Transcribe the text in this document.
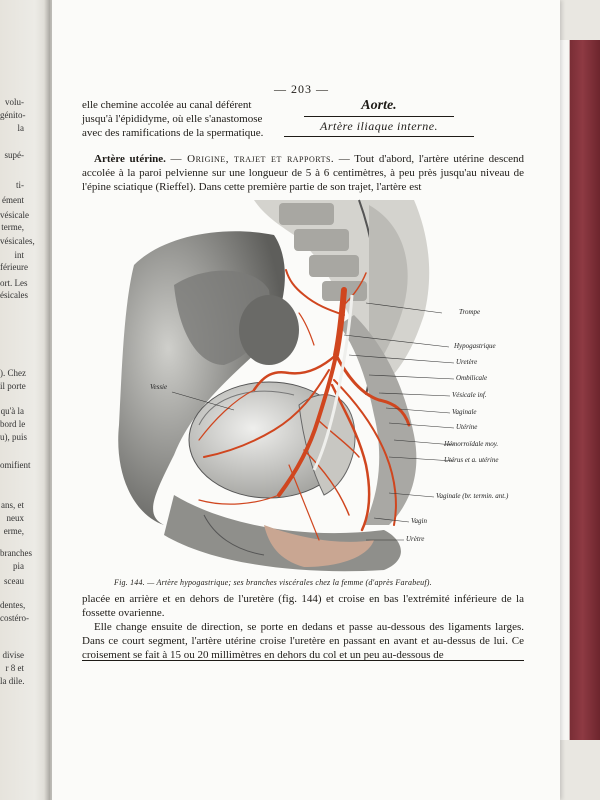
volu-
génito-
la
supé-
ti-
ément
vésicale
terme,
vésicales,
int
férieure
ort. Les
ésicales
). Chez
il porte
qu'à la
bord le
u), puis
omifient
ans, et
neux
erme,
branches
pia
sceau
dentes,
costéro-
divise
r 8 et
la dile.
— 203 —
elle chemine accolée au canal déférent jusqu'à l'épididyme, où elle s'anastomose avec des ramifications de la spermatique.
Aorte.
Artère iliaque interne.
Artère utérine. — Origine, trajet et rapports. — Tout d'abord, l'artère utérine descend accolée à la paroi pelvienne sur une longueur de 5 à 6 centimètres, à peu près jusqu'au niveau de l'épine sciatique (Rieffel). Dans cette première partie de son trajet, l'artère est
Trompe
Hypogastrique
Uretère
Ombilicale
Vésicale inf.
Vaginale
Utérine
Hémorroïdale moy.
Utérus et a. utérine
Vaginale (br. termin. ant.)
Vagin
Urètre
Vessie
Fig. 144. — Artère hypogastrique; ses branches viscérales chez la femme (d'après Farabeuf).
placée en arrière et en dehors de l'uretère (fig. 144) et croise en bas l'extrémité inférieure de la fossette ovarienne.
Elle change ensuite de direction, se porte en dedans et passe au-dessous des ligaments larges. Dans ce court segment, l'artère utérine croise l'uretère en passant en avant et au-dessus de lui. Ce croisement se fait à 15 ou 20 millimètres en dehors du col et un peu au-dessous de
